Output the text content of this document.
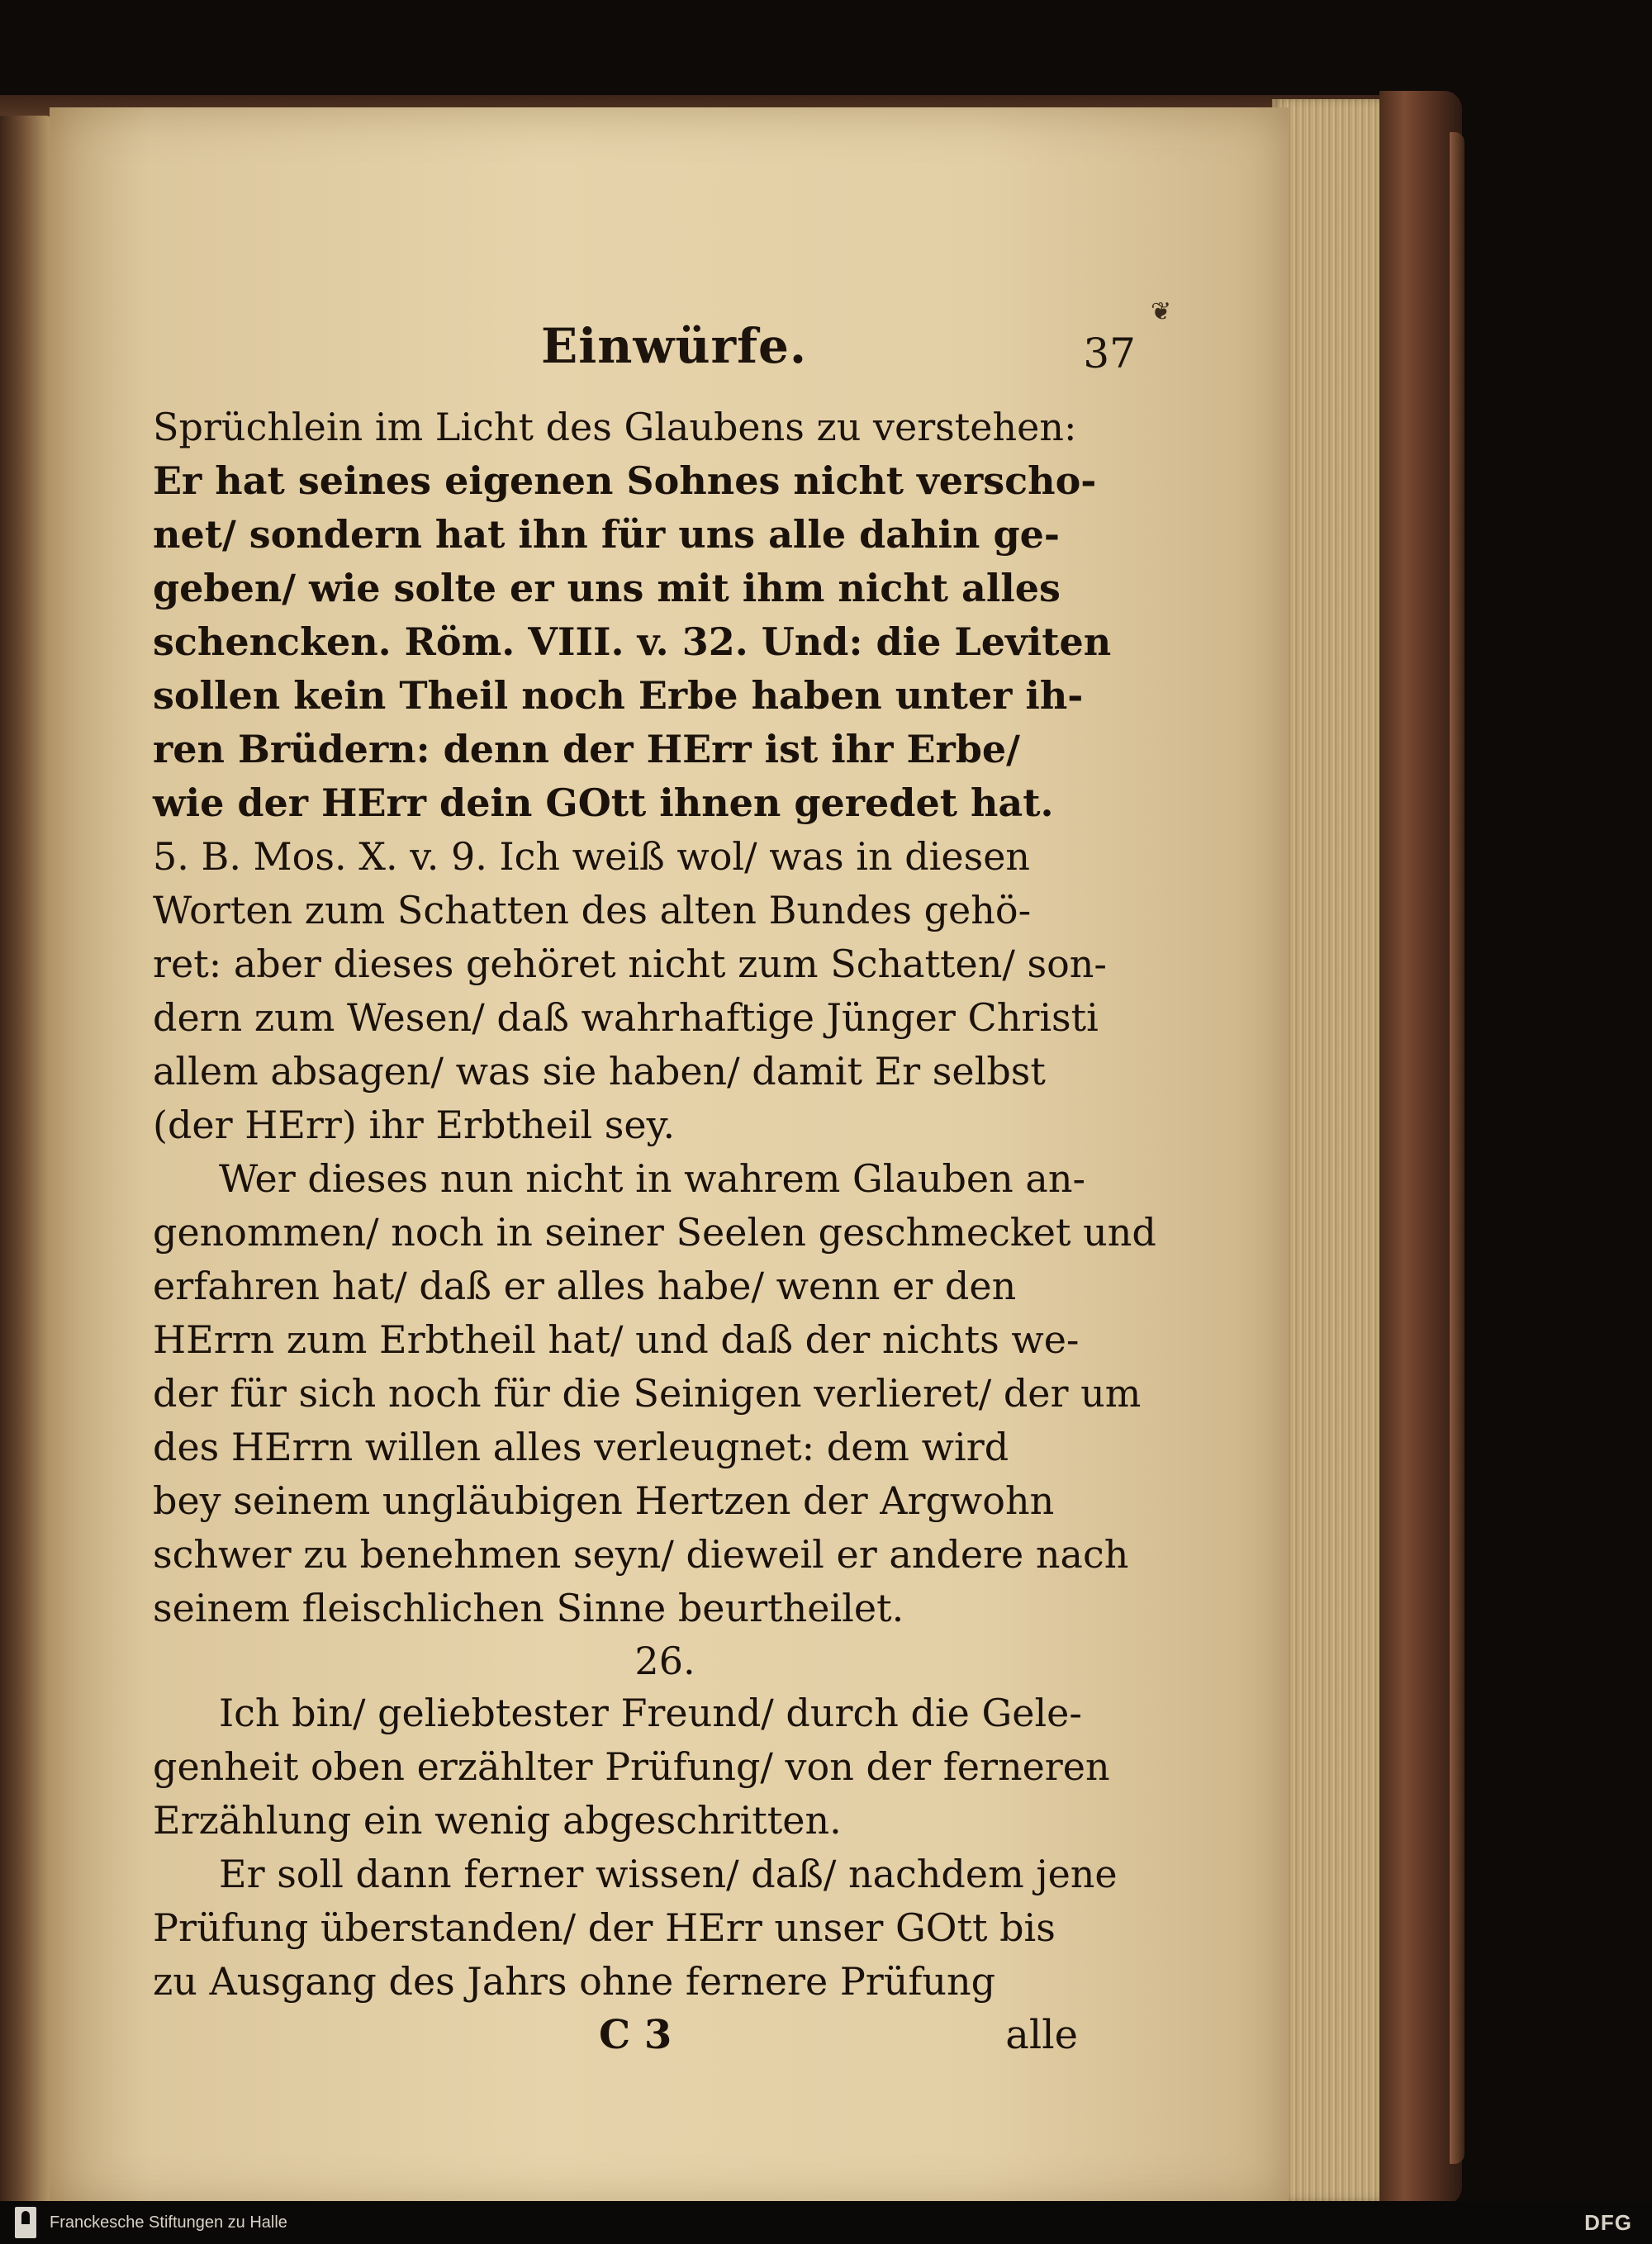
Einwürfe.	37

❦
Sprüchlein im Licht des Glaubens zu verstehen:
Er hat seines eigenen Sohnes nicht verscho-
net/ sondern hat ihn für uns alle dahin ge-
geben/ wie solte er uns mit ihm nicht alles
schencken. Röm. VIII. v. 32. Und: die Leviten
sollen kein Theil noch Erbe haben unter ih-
ren Brüdern: denn der HErr ist ihr Erbe/
wie der HErr dein GOtt ihnen geredet hat.
5. B. Mos. X. v. 9. Ich weiß wol/ was in diesen
Worten zum Schatten des alten Bundes gehö-
ret: aber dieses gehöret nicht zum Schatten/ son-
dern zum Wesen/ daß wahrhaftige Jünger Christi
allem absagen/ was sie haben/ damit Er selbst
(der HErr) ihr Erbtheil sey.
Wer dieses nun nicht in wahrem Glauben an-
genommen/ noch in seiner Seelen geschmecket und
erfahren hat/ daß er alles habe/ wenn er den
HErrn zum Erbtheil hat/ und daß der nichts we-
der für sich noch für die Seinigen verlieret/ der um
des HErrn willen alles verleugnet: dem wird
bey seinem ungläubigen Hertzen der Argwohn
schwer zu benehmen seyn/ dieweil er andere nach
seinem fleischlichen Sinne beurtheilet.

26.

Ich bin/ geliebtester Freund/ durch die Gele-
genheit oben erzählter Prüfung/ von der ferneren
Erzählung ein wenig abgeschritten.
Er soll dann ferner wissen/ daß/ nachdem jene
Prüfung überstanden/ der HErr unser GOtt bis
zu Ausgang des Jahrs ohne fernere Prüfung
C 3	alle
Franckesche Stiftungen zu Halle	DFG
